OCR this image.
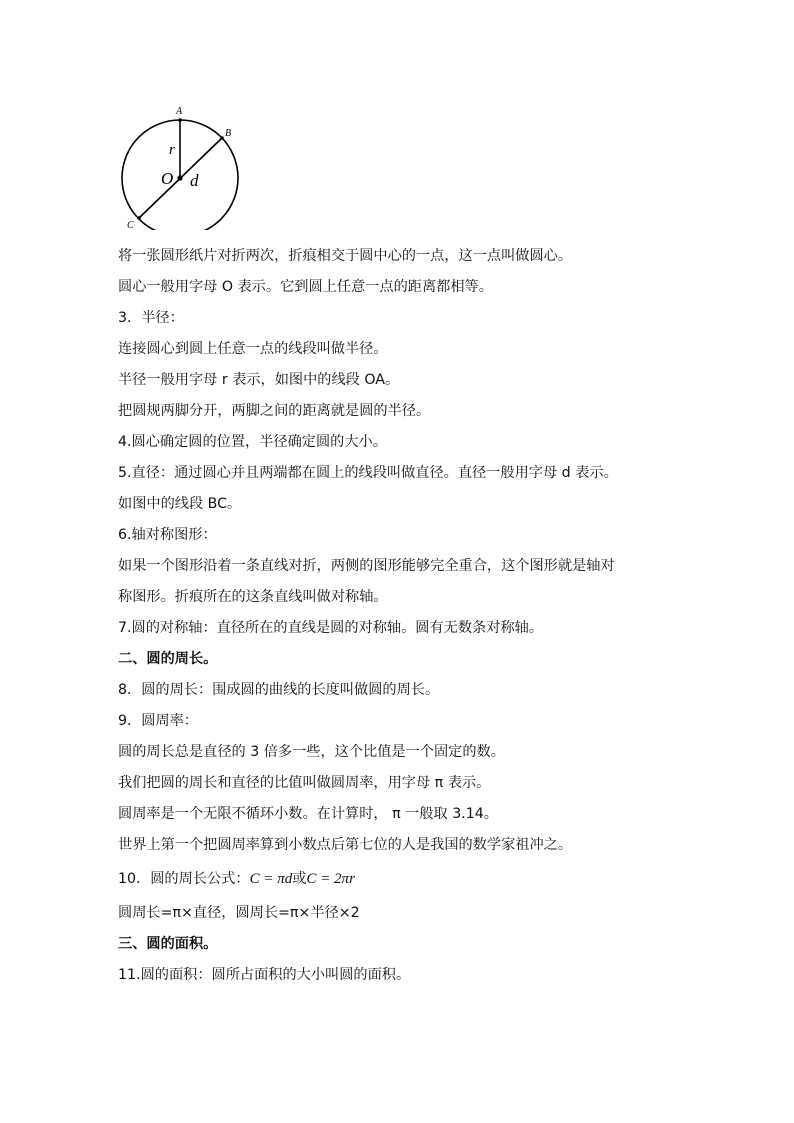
A
B
C
O
r
d

将一张圆形纸片对折两次，折痕相交于圆中心的一点，这一点叫做圆心。

圆心一般用字母 O 表示。它到圆上任意一点的距离都相等。

3．半径：

连接圆心到圆上任意一点的线段叫做半径。

半径一般用字母 r 表示，如图中的线段 OA。

把圆规两脚分开，两脚之间的距离就是圆的半径。

4.圆心确定圆的位置，半径确定圆的大小。

5.直径：通过圆心并且两端都在圆上的线段叫做直径。直径一般用字母 d 表示。

如图中的线段 BC。

6.轴对称图形：

如果一个图形沿着一条直线对折，两侧的图形能够完全重合，这个图形就是轴对

称图形。折痕所在的这条直线叫做对称轴。

7.圆的对称轴：直径所在的直线是圆的对称轴。圆有无数条对称轴。

二、圆的周长。

8．圆的周长：围成圆的曲线的长度叫做圆的周长。

9．圆周率：

圆的周长总是直径的 3 倍多一些，这个比值是一个固定的数。

我们把圆的周长和直径的比值叫做圆周率，用字母 π 表示。

圆周率是一个无限不循环小数。在计算时， π 一般取 3.14。

世界上第一个把圆周率算到小数点后第七位的人是我国的数学家祖冲之。

10．圆的周长公式：C = πd或C = 2πr

圆周长=π×直径，圆周长=π×半径×2

三、圆的面积。

11.圆的面积：圆所占面积的大小叫圆的面积。
